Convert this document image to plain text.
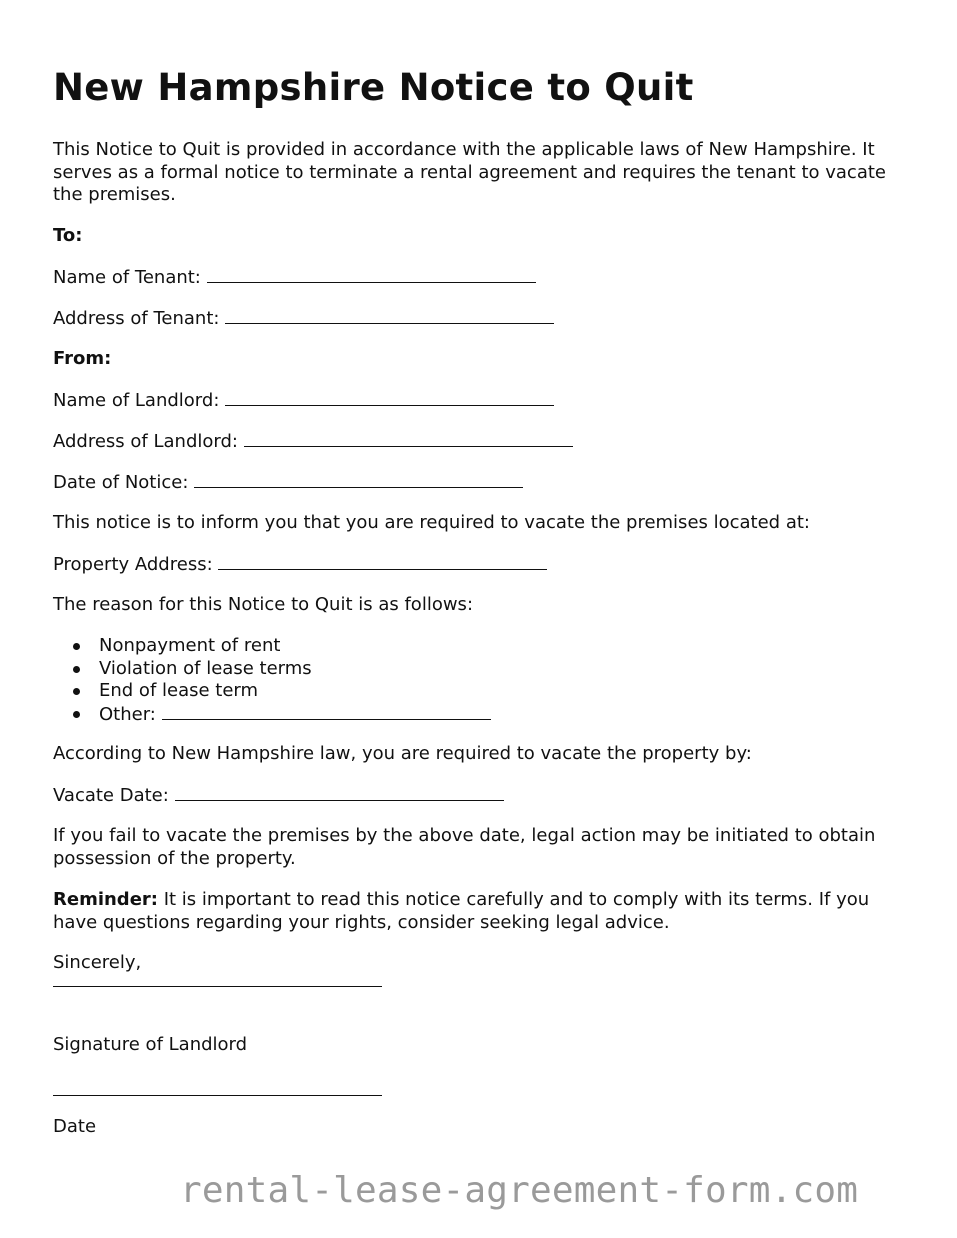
New Hampshire Notice to Quit
This Notice to Quit is provided in accordance with the applicable laws of New Hampshire. It serves as a formal notice to terminate a rental agreement and requires the tenant to vacate the premises.
To:
Name of Tenant:
Address of Tenant:
From:
Name of Landlord:
Address of Landlord:
Date of Notice:
This notice is to inform you that you are required to vacate the premises located at:
Property Address:
The reason for this Notice to Quit is as follows:
Nonpayment of rent
Violation of lease terms
End of lease term
Other:
According to New Hampshire law, you are required to vacate the property by:
Vacate Date:
If you fail to vacate the premises by the above date, legal action may be initiated to obtain possession of the property.
Reminder: It is important to read this notice carefully and to comply with its terms. If you have questions regarding your rights, consider seeking legal advice.
Sincerely,
Signature of Landlord
Date
rental-lease-agreement-form.com
